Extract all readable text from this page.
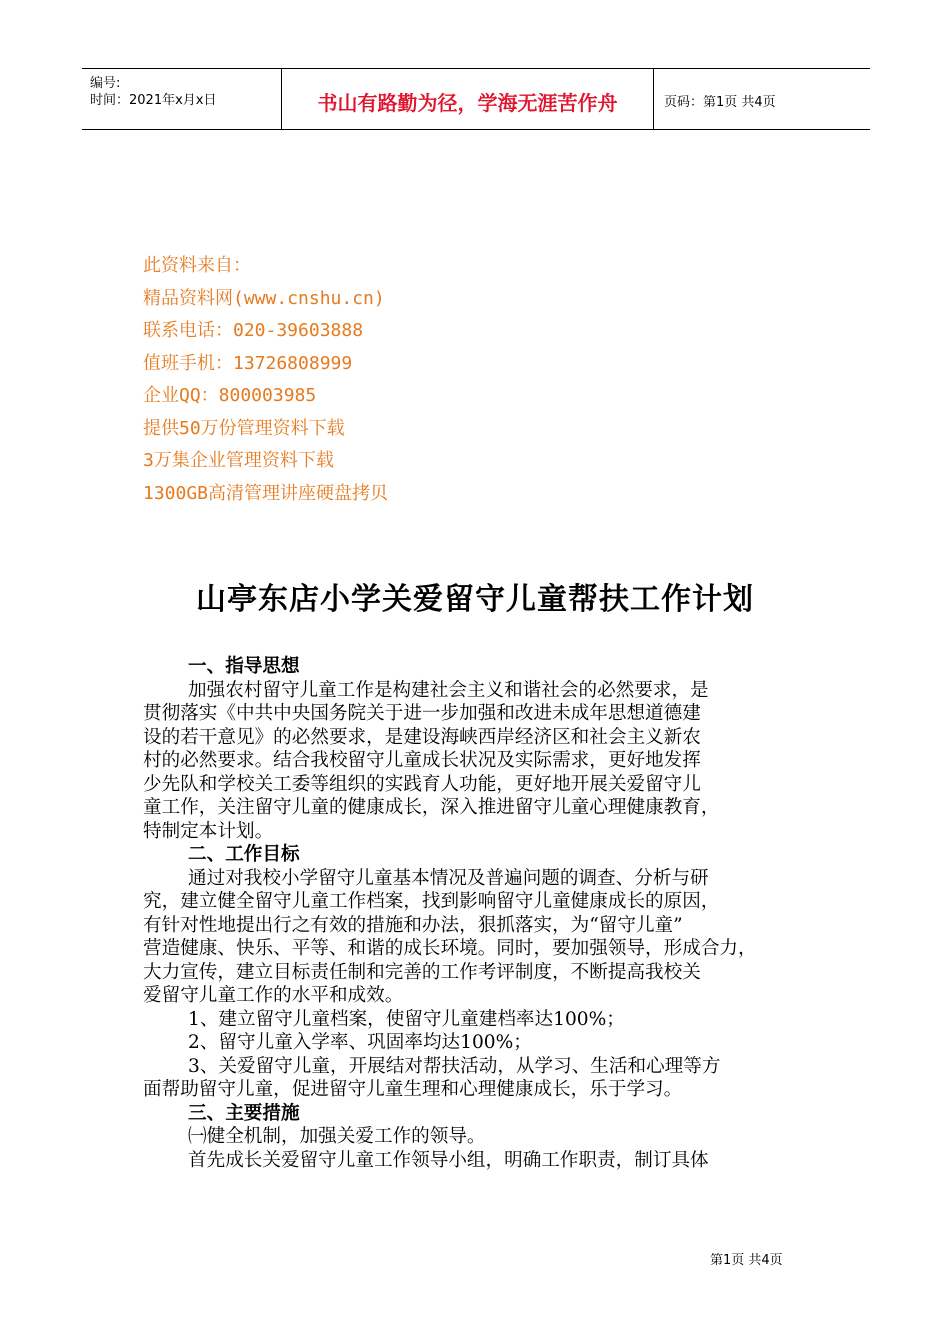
编号:
时间：2021年x月x日	书山有路勤为径，学海无涯苦作舟	页码：第1页 共4页
此资料来自：
精品资料网(www.cnshu.cn)
联系电话：020-39603888
值班手机：13726808999
企业QQ：800003985
提供50万份管理资料下载
3万集企业管理资料下载
1300GB高清管理讲座硬盘拷贝
山亭东店小学关爱留守儿童帮扶工作计划
一、指导思想
加强农村留守儿童工作是构建社会主义和谐社会的必然要求，是
贯彻落实《中共中央国务院关于进一步加强和改进未成年思想道德建
设的若干意见》的必然要求，是建设海峡西岸经济区和社会主义新农
村的必然要求。结合我校留守儿童成长状况及实际需求，更好地发挥
少先队和学校关工委等组织的实践育人功能，更好地开展关爱留守儿
童工作，关注留守儿童的健康成长，深入推进留守儿童心理健康教育，
特制定本计划。
二、工作目标
通过对我校小学留守儿童基本情况及普遍问题的调查、分析与研
究，建立健全留守儿童工作档案，找到影响留守儿童健康成长的原因，
有针对性地提出行之有效的措施和办法，狠抓落实，为“留守儿童”
营造健康、快乐、平等、和谐的成长环境。同时，要加强领导，形成合力，
大力宣传，建立目标责任制和完善的工作考评制度，不断提高我校关
爱留守儿童工作的水平和成效。
1、建立留守儿童档案，使留守儿童建档率达100%；
2、留守儿童入学率、巩固率均达100%；
3、关爱留守儿童，开展结对帮扶活动，从学习、生活和心理等方
面帮助留守儿童，促进留守儿童生理和心理健康成长，乐于学习。
三、主要措施
㈠健全机制，加强关爱工作的领导。
首先成长关爱留守儿童工作领导小组，明确工作职责，制订具体
第1页 共4页
